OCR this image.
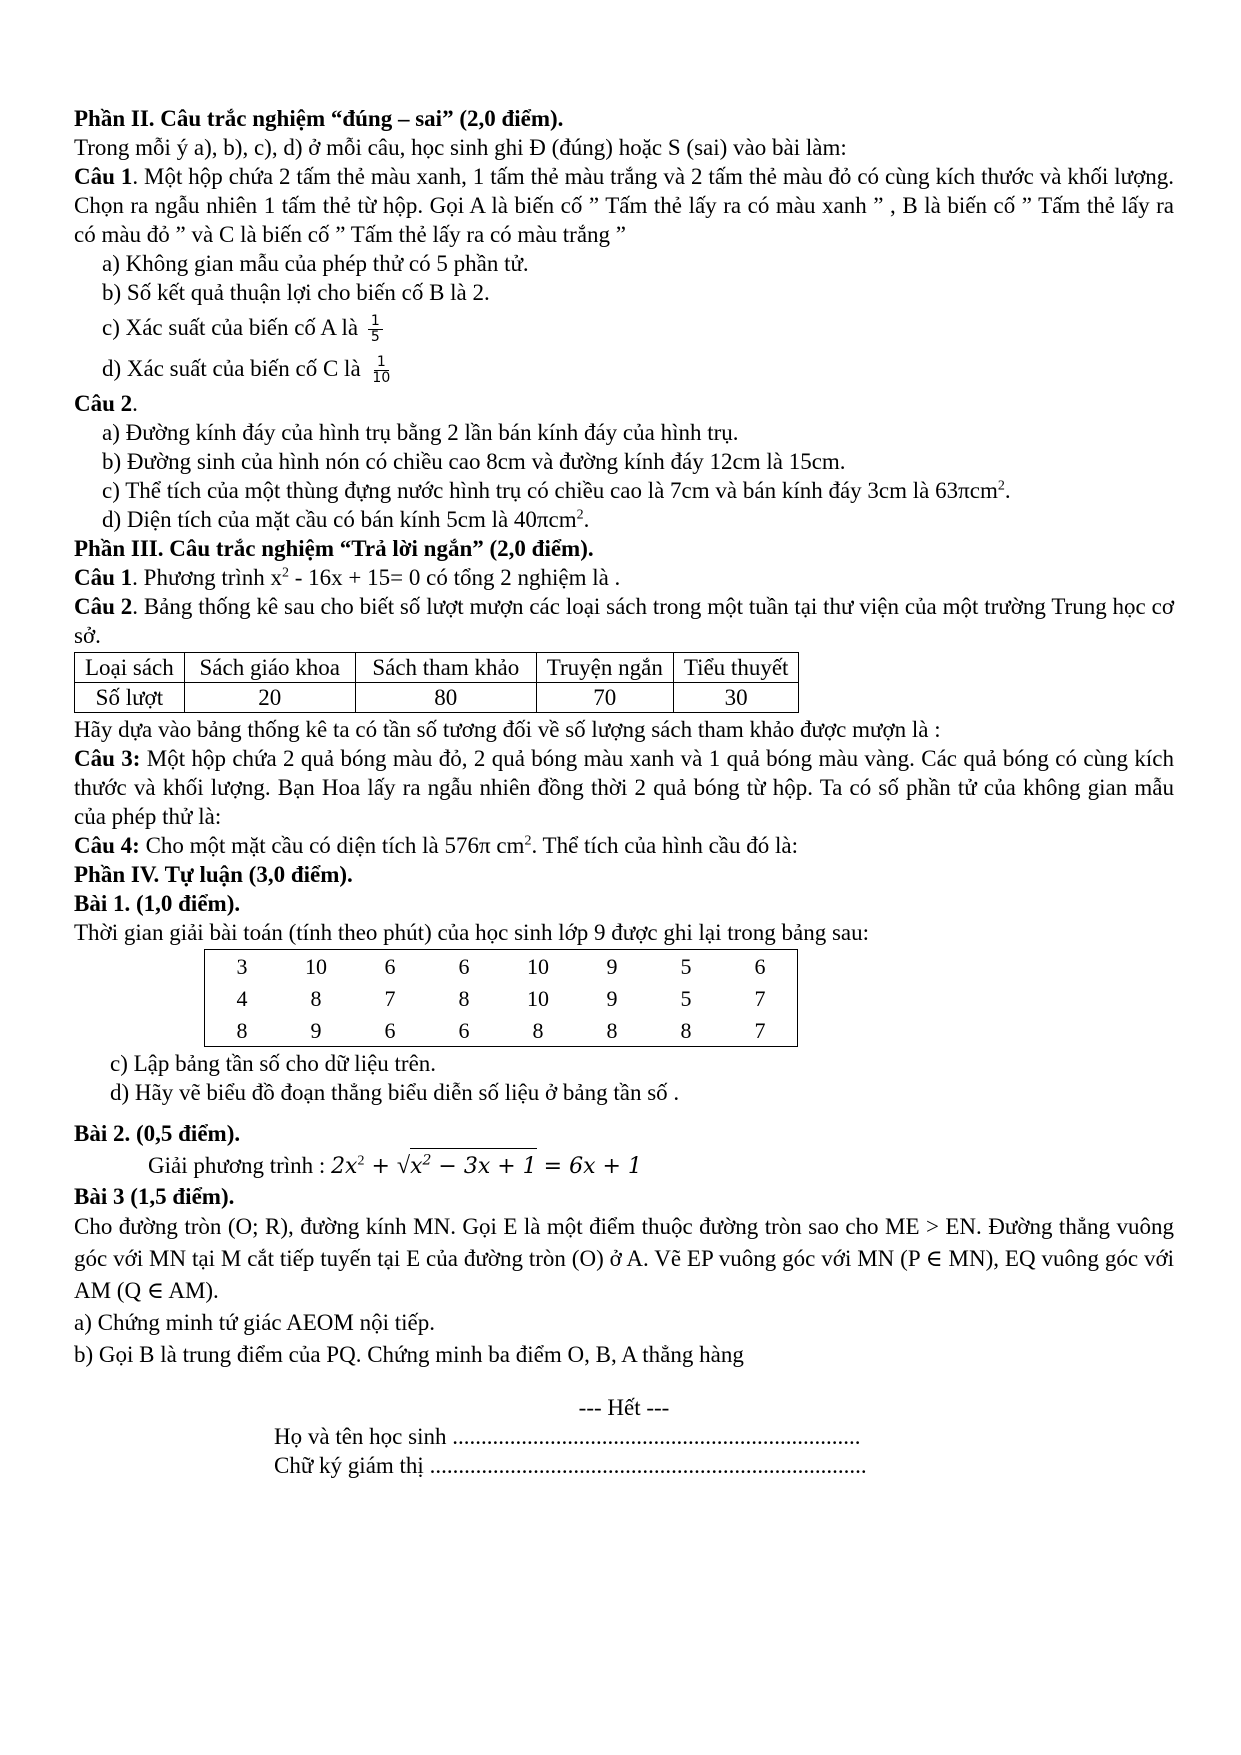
Phần II. Câu trắc nghiệm “đúng – sai” (2,0 điểm).
Trong mỗi ý a), b), c), d) ở mỗi câu, học sinh ghi Đ (đúng) hoặc S (sai) vào bài làm:
Câu 1. Một hộp chứa 2 tấm thẻ màu xanh, 1 tấm thẻ màu trắng và 2 tấm thẻ màu đỏ có cùng kích thước và khối lượng. Chọn ra ngẫu nhiên 1 tấm thẻ từ hộp. Gọi A là biến cố ” Tấm thẻ lấy ra có màu xanh ” , B là biến cố ” Tấm thẻ lấy ra có màu đỏ ” và C là biến cố ” Tấm thẻ lấy ra có màu trắng ”
a) Không gian mẫu của phép thử có 5 phần tử.
b) Số kết quả thuận lợi cho biến cố B là 2.
c) Xác suất của biến cố A là $\frac{1}{5}$
d) Xác suất của biến cố C là $\frac{1}{10}$
Câu 2.
a) Đường kính đáy của hình trụ bằng 2 lần bán kính đáy của hình trụ.
b) Đường sinh của hình nón có chiều cao 8cm và đường kính đáy 12cm là 15cm.
c) Thể tích của một thùng đựng nước hình trụ có chiều cao là 7cm và bán kính đáy 3cm là 63πcm$^2$.
d) Diện tích của mặt cầu có bán kính 5cm là 40πcm$^2$.
Phần III. Câu trắc nghiệm “Trả lời ngắn” (2,0 điểm).
Câu 1. Phương trình $x^2 - 16x + 15= 0$ có tổng 2 nghiệm là .
Câu 2. Bảng thống kê sau cho biết số lượt mượn các loại sách trong một tuần tại thư viện của một trường Trung học cơ sở.
Loại sách	Sách giáo khoa	Sách tham khảo	Truyện ngắn	Tiểu thuyết
Số lượt	20	80	70	30
Hãy dựa vào bảng thống kê ta có tần số tương đối về số lượng sách tham khảo được mượn là :
Câu 3: Một hộp chứa 2 quả bóng màu đỏ, 2 quả bóng màu xanh và 1 quả bóng màu vàng. Các quả bóng có cùng kích thước và khối lượng. Bạn Hoa lấy ra ngẫu nhiên đồng thời 2 quả bóng từ hộp. Ta có số phần tử của không gian mẫu của phép thử là:
Câu 4: Cho một mặt cầu có diện tích là 576π $cm^2$. Thể tích của hình cầu đó là:
Phần IV. Tự luận (3,0 điểm).
Bài 1. (1,0 điểm).
Thời gian giải bài toán (tính theo phút) của học sinh lớp 9 được ghi lại trong bảng sau:
3	10	6	6	10	9	5	6
4	8	7	8	10	9	5	7
8	9	6	6	8	8	8	7
c) Lập bảng tần số cho dữ liệu trên.
d) Hãy vẽ biểu đồ đoạn thẳng biểu diễn số liệu ở bảng tần số .
Bài 2. (0,5 điểm).
Giải phương trình : $2x^2 + √x^2 - 3x + 1 = 6x + 1$
Bài 3 (1,5 điểm).
Cho đường tròn (O; R), đường kính MN. Gọi E là một điểm thuộc đường tròn sao cho ME > EN. Đường thẳng vuông góc với MN tại M cắt tiếp tuyến tại E của đường tròn (O) ở A. Vẽ EP vuông góc với MN (P ∈ MN), EQ vuông góc với AM (Q ∈ AM).
a) Chứng minh tứ giác AEOM nội tiếp.
b) Gọi B là trung điểm của PQ. Chứng minh ba điểm O, B, A thẳng hàng
--- Hết ---
Họ và tên học sinh .......................................................................
Chữ ký giám thị ............................................................................
